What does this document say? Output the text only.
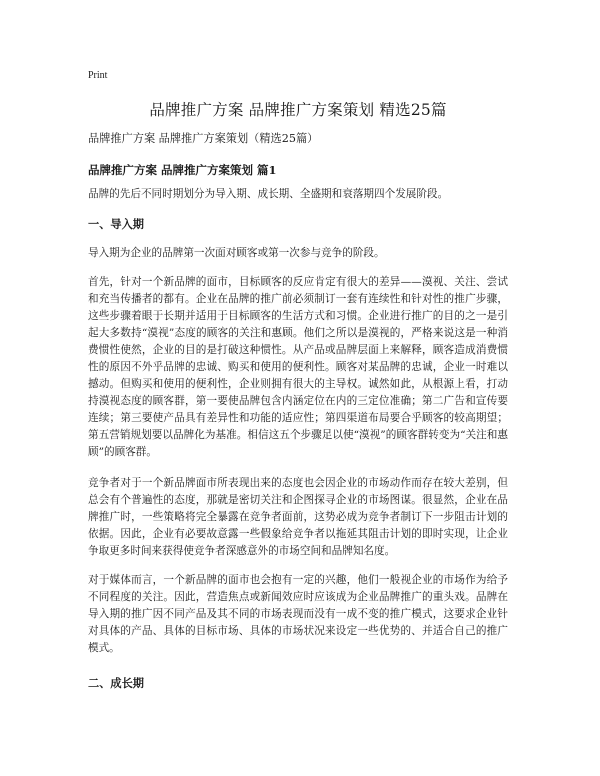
Print
品牌推广方案 品牌推广方案策划 精选25篇

品牌推广方案 品牌推广方案策划（精选25篇）

品牌推广方案 品牌推广方案策划 篇1

品牌的先后不同时期划分为导入期、成长期、全盛期和衰落期四个发展阶段。

一、导入期

导入期为企业的品牌第一次面对顾客或第一次参与竞争的阶段。

首先，针对一个新品牌的面市，目标顾客的反应肯定有很大的差异——漠视、关注、尝试和充当传播者的都有。企业在品牌的推广前必须制订一套有连续性和针对性的推广步骤，这些步骤着眼于长期并适用于目标顾客的生活方式和习惯。企业进行推广的目的之一是引起大多数持“漠视”态度的顾客的关注和惠顾。他们之所以是漠视的，严格来说这是一种消费惯性使然，企业的目的是打破这种惯性。从产品或品牌层面上来解释，顾客造成消费惯性的原因不外乎品牌的忠诚、购买和使用的便利性。顾客对某品牌的忠诚，企业一时难以撼动。但购买和使用的便利性，企业则拥有很大的主导权。诚然如此，从根源上看，打动持漠视态度的顾客群，第一要使品牌包含内涵定位在内的三定位准确；第二广告和宣传要连续；第三要使产品具有差异性和功能的适应性；第四渠道布局要合乎顾客的较高期望；第五营销规划要以品牌化为基准。相信这五个步骤足以使“漠视”的顾客群转变为“关注和惠顾”的顾客群。

竞争者对于一个新品牌面市所表现出来的态度也会因企业的市场动作而存在较大差别，但总会有个普遍性的态度，那就是密切关注和企图探寻企业的市场图谋。很显然，企业在品牌推广时，一些策略将完全暴露在竞争者面前，这势必成为竞争者制订下一步阻击计划的依据。因此，企业有必要故意露一些假象给竞争者以拖延其阻击计划的即时实现，让企业争取更多时间来获得使竞争者深感意外的市场空间和品牌知名度。

对于媒体而言，一个新品牌的面市也会抱有一定的兴趣，他们一般视企业的市场作为给予不同程度的关注。因此，营造焦点或新闻效应时应该成为企业品牌推广的重头戏。品牌在导入期的推广因不同产品及其不同的市场表现而没有一成不变的推广模式，这要求企业针对具体的产品、具体的目标市场、具体的市场状况来设定一些优势的、并适合自己的推广模式。

二、成长期
